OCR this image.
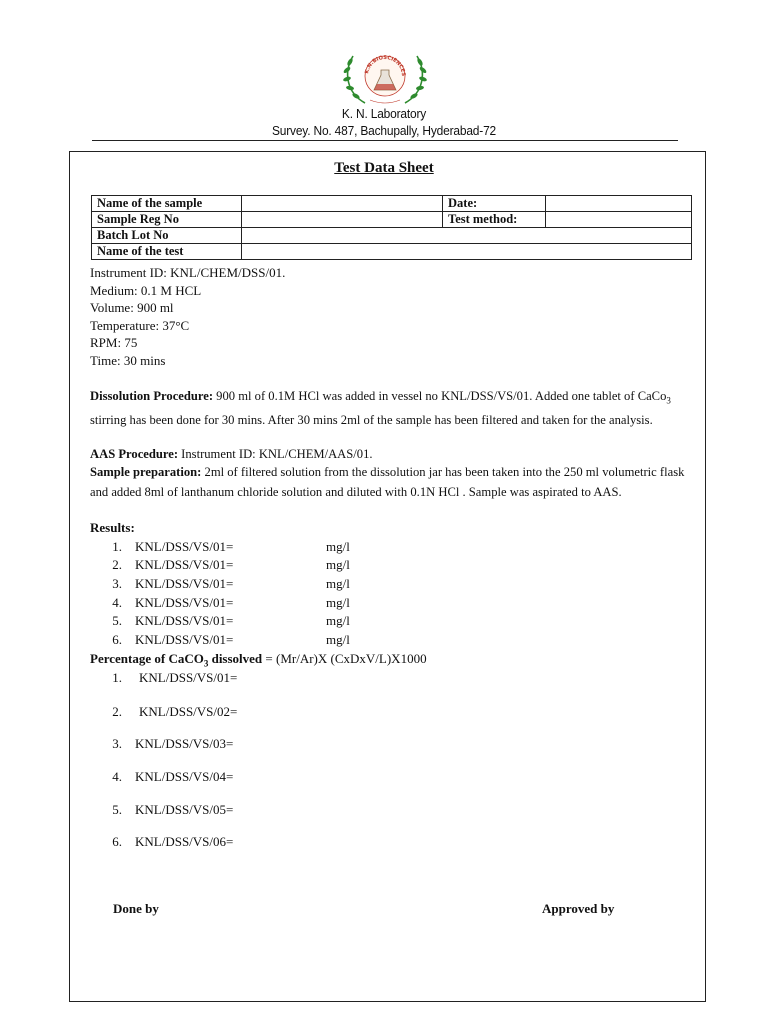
K.N.BIOSCIENCES
K. N. Laboratory
Survey. No. 487, Bachupally, Hyderabad-72
Test Data Sheet
Name of the sample		Date:	
Sample Reg No		Test method:	
Batch Lot No			
Name of the test			
Instrument ID: KNL/CHEM/DSS/01.
Medium: 0.1 M HCL
Volume: 900 ml
Temperature: 37°C
RPM: 75
Time: 30 mins
Dissolution Procedure: 900 ml of 0.1M HCl was added in vessel no KNL/DSS/VS/01. Added one tablet of CaCo$_3$ stirring has been done for 30 mins. After 30 mins 2ml of the sample has been filtered and taken for the analysis.
AAS Procedure: Instrument ID: KNL/CHEM/AAS/01.
Sample preparation: 2ml of filtered solution from the dissolution jar has been taken into the 250 ml volumetric flask and added 8ml of lanthanum chloride solution and diluted with 0.1N HCl . Sample was aspirated to AAS.
Results:
1. KNL/DSS/VS/01=	mg/l
2. KNL/DSS/VS/01=	mg/l
3. KNL/DSS/VS/01=	mg/l
4. KNL/DSS/VS/01=	mg/l
5. KNL/DSS/VS/01=	mg/l
6. KNL/DSS/VS/01=	mg/l
Percentage of CaCO$_3$ dissolved = (Mr/Ar)X (CxDxV/L)X1000
1. KNL/DSS/VS/01=
2. KNL/DSS/VS/02=
3. KNL/DSS/VS/03=
4. KNL/DSS/VS/04=
5. KNL/DSS/VS/05=
6. KNL/DSS/VS/06=
Done by	Approved by
